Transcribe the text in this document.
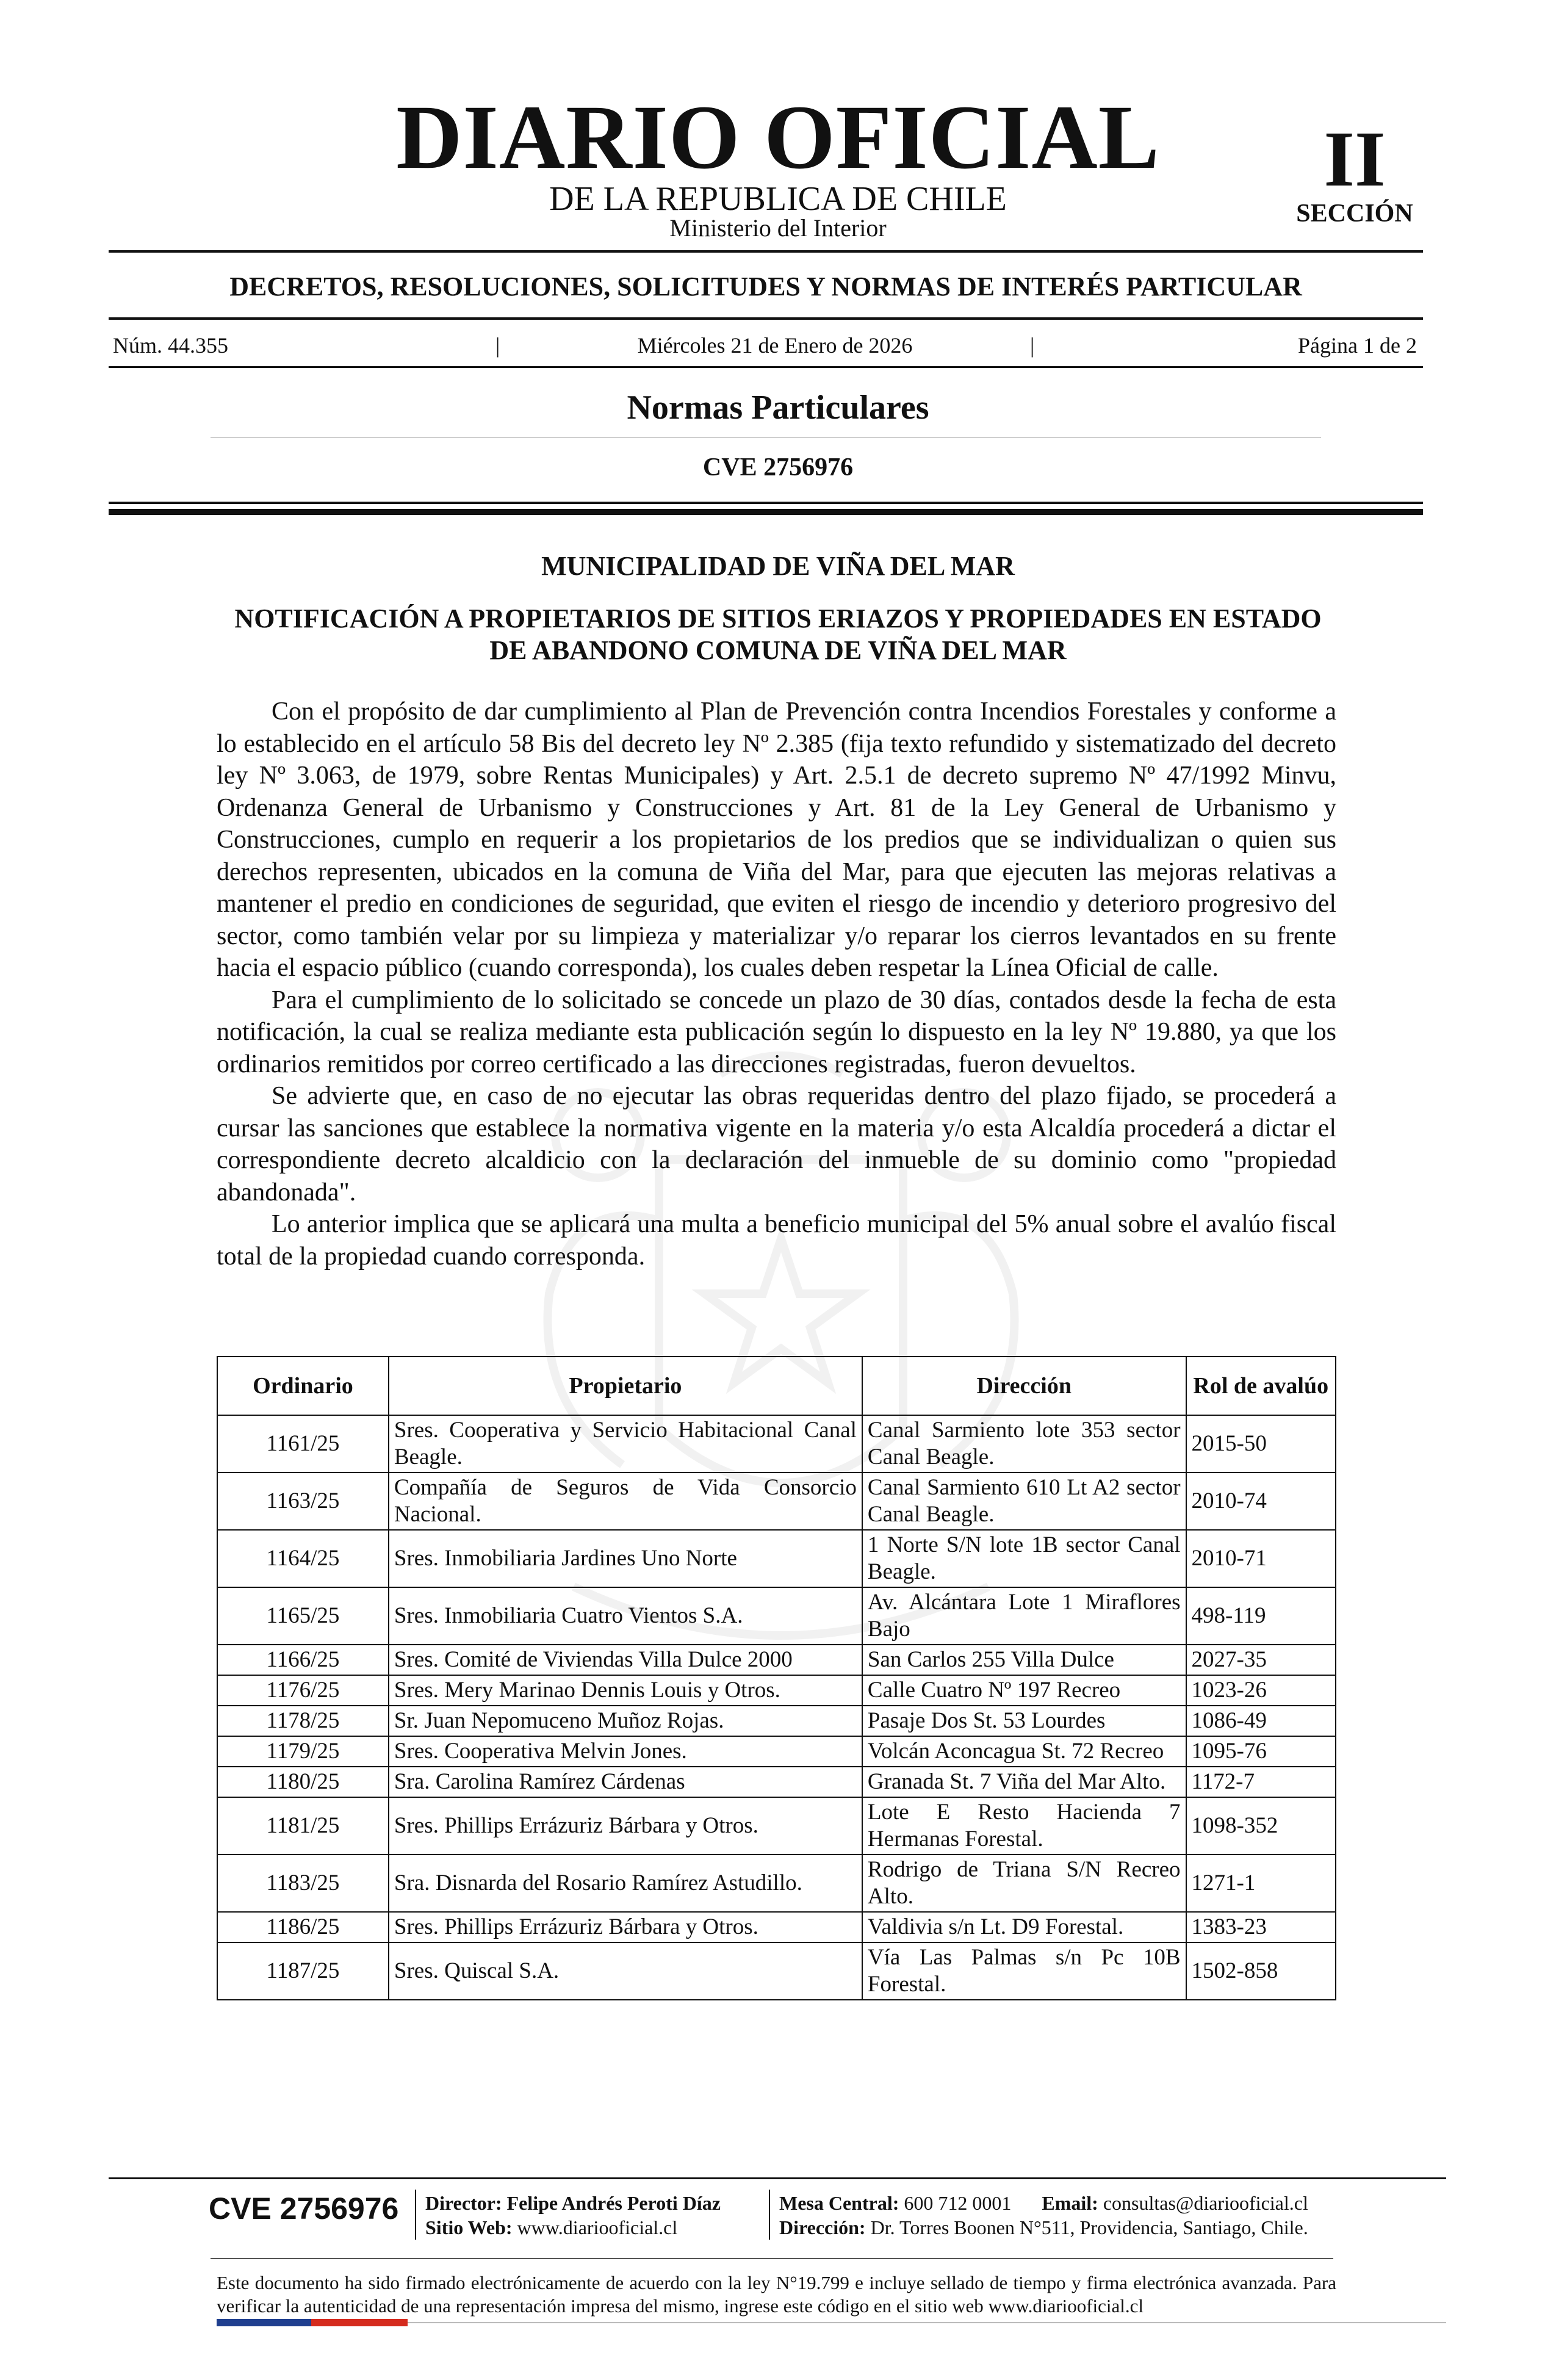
DIARIO OFICIAL
DE LA REPUBLICA DE CHILE
Ministerio del Interior
II
SECCIÓN
DECRETOS, RESOLUCIONES, SOLICITUDES Y NORMAS DE INTERÉS PARTICULAR
Núm. 44.355	|	Miércoles 21 de Enero de 2026	|	Página 1 de 2
Normas Particulares
CVE 2756976
MUNICIPALIDAD DE VIÑA DEL MAR
NOTIFICACIÓN A PROPIETARIOS DE SITIOS ERIAZOS Y PROPIEDADES EN ESTADO DE ABANDONO COMUNA DE VIÑA DEL MAR

Con el propósito de dar cumplimiento al Plan de Prevención contra Incendios Forestales y conforme a lo establecido en el artículo 58 Bis del decreto ley Nº 2.385 (fija texto refundido y sistematizado del decreto ley Nº 3.063, de 1979, sobre Rentas Municipales) y Art. 2.5.1 de decreto supremo Nº 47/1992 Minvu, Ordenanza General de Urbanismo y Construcciones y Art. 81 de la Ley General de Urbanismo y Construcciones, cumplo en requerir a los propietarios de los predios que se individualizan o quien sus derechos representen, ubicados en la comuna de Viña del Mar, para que ejecuten las mejoras relativas a mantener el predio en condiciones de seguridad, que eviten el riesgo de incendio y deterioro progresivo del sector, como también velar por su limpieza y materializar y/o reparar los cierros levantados en su frente hacia el espacio público (cuando corresponda), los cuales deben respetar la Línea Oficial de calle.

Para el cumplimiento de lo solicitado se concede un plazo de 30 días, contados desde la fecha de esta notificación, la cual se realiza mediante esta publicación según lo dispuesto en la ley Nº 19.880, ya que los ordinarios remitidos por correo certificado a las direcciones registradas, fueron devueltos.

Se advierte que, en caso de no ejecutar las obras requeridas dentro del plazo fijado, se procederá a cursar las sanciones que establece la normativa vigente en la materia y/o esta Alcaldía procederá a dictar el correspondiente decreto alcaldicio con la declaración del inmueble de su dominio como "propiedad abandonada".

Lo anterior implica que se aplicará una multa a beneficio municipal del 5% anual sobre el avalúo fiscal total de la propiedad cuando corresponda.

Ordinario	Propietario	Dirección	Rol de avalúo
1161/25	Sres. Cooperativa y Servicio Habitacional Canal Beagle.	Canal Sarmiento lote 353 sector Canal Beagle.	2015-50
1163/25	Compañía de Seguros de Vida Consorcio Nacional.	Canal Sarmiento 610 Lt A2 sector Canal Beagle.	2010-74
1164/25	Sres. Inmobiliaria Jardines Uno Norte	1 Norte S/N lote 1B sector Canal Beagle.	2010-71
1165/25	Sres. Inmobiliaria Cuatro Vientos S.A.	Av. Alcántara Lote 1 Miraflores Bajo	498-119
1166/25	Sres. Comité de Viviendas Villa Dulce 2000	San Carlos 255 Villa Dulce	2027-35
1176/25	Sres. Mery Marinao Dennis Louis y Otros.	Calle Cuatro Nº 197 Recreo	1023-26
1178/25	Sr. Juan Nepomuceno Muñoz Rojas.	Pasaje Dos St. 53 Lourdes	1086-49
1179/25	Sres. Cooperativa Melvin Jones.	Volcán Aconcagua St. 72 Recreo	1095-76
1180/25	Sra. Carolina Ramírez Cárdenas	Granada St. 7 Viña del Mar Alto.	1172-7
1181/25	Sres. Phillips Errázuriz Bárbara y Otros.	Lote E Resto Hacienda 7 Hermanas Forestal.	1098-352
1183/25	Sra. Disnarda del Rosario Ramírez Astudillo.	Rodrigo de Triana S/N Recreo Alto.	1271-1
1186/25	Sres. Phillips Errázuriz Bárbara y Otros.	Valdivia s/n Lt. D9 Forestal.	1383-23
1187/25	Sres. Quiscal S.A.	Vía Las Palmas s/n Pc 10B Forestal.	1502-858
CVE 2756976 Director: Felipe Andrés Peroti Díaz
Sitio Web: www.diariooficial.cl
Mesa Central: 600 712 0001 Email: consultas@diariooficial.cl
Dirección: Dr. Torres Boonen N°511, Providencia, Santiago, Chile.
Este documento ha sido firmado electrónicamente de acuerdo con la ley N°19.799 e incluye sellado de tiempo y firma electrónica avanzada. Para verificar la autenticidad de una representación impresa del mismo, ingrese este código en el sitio web www.diariooficial.cl
